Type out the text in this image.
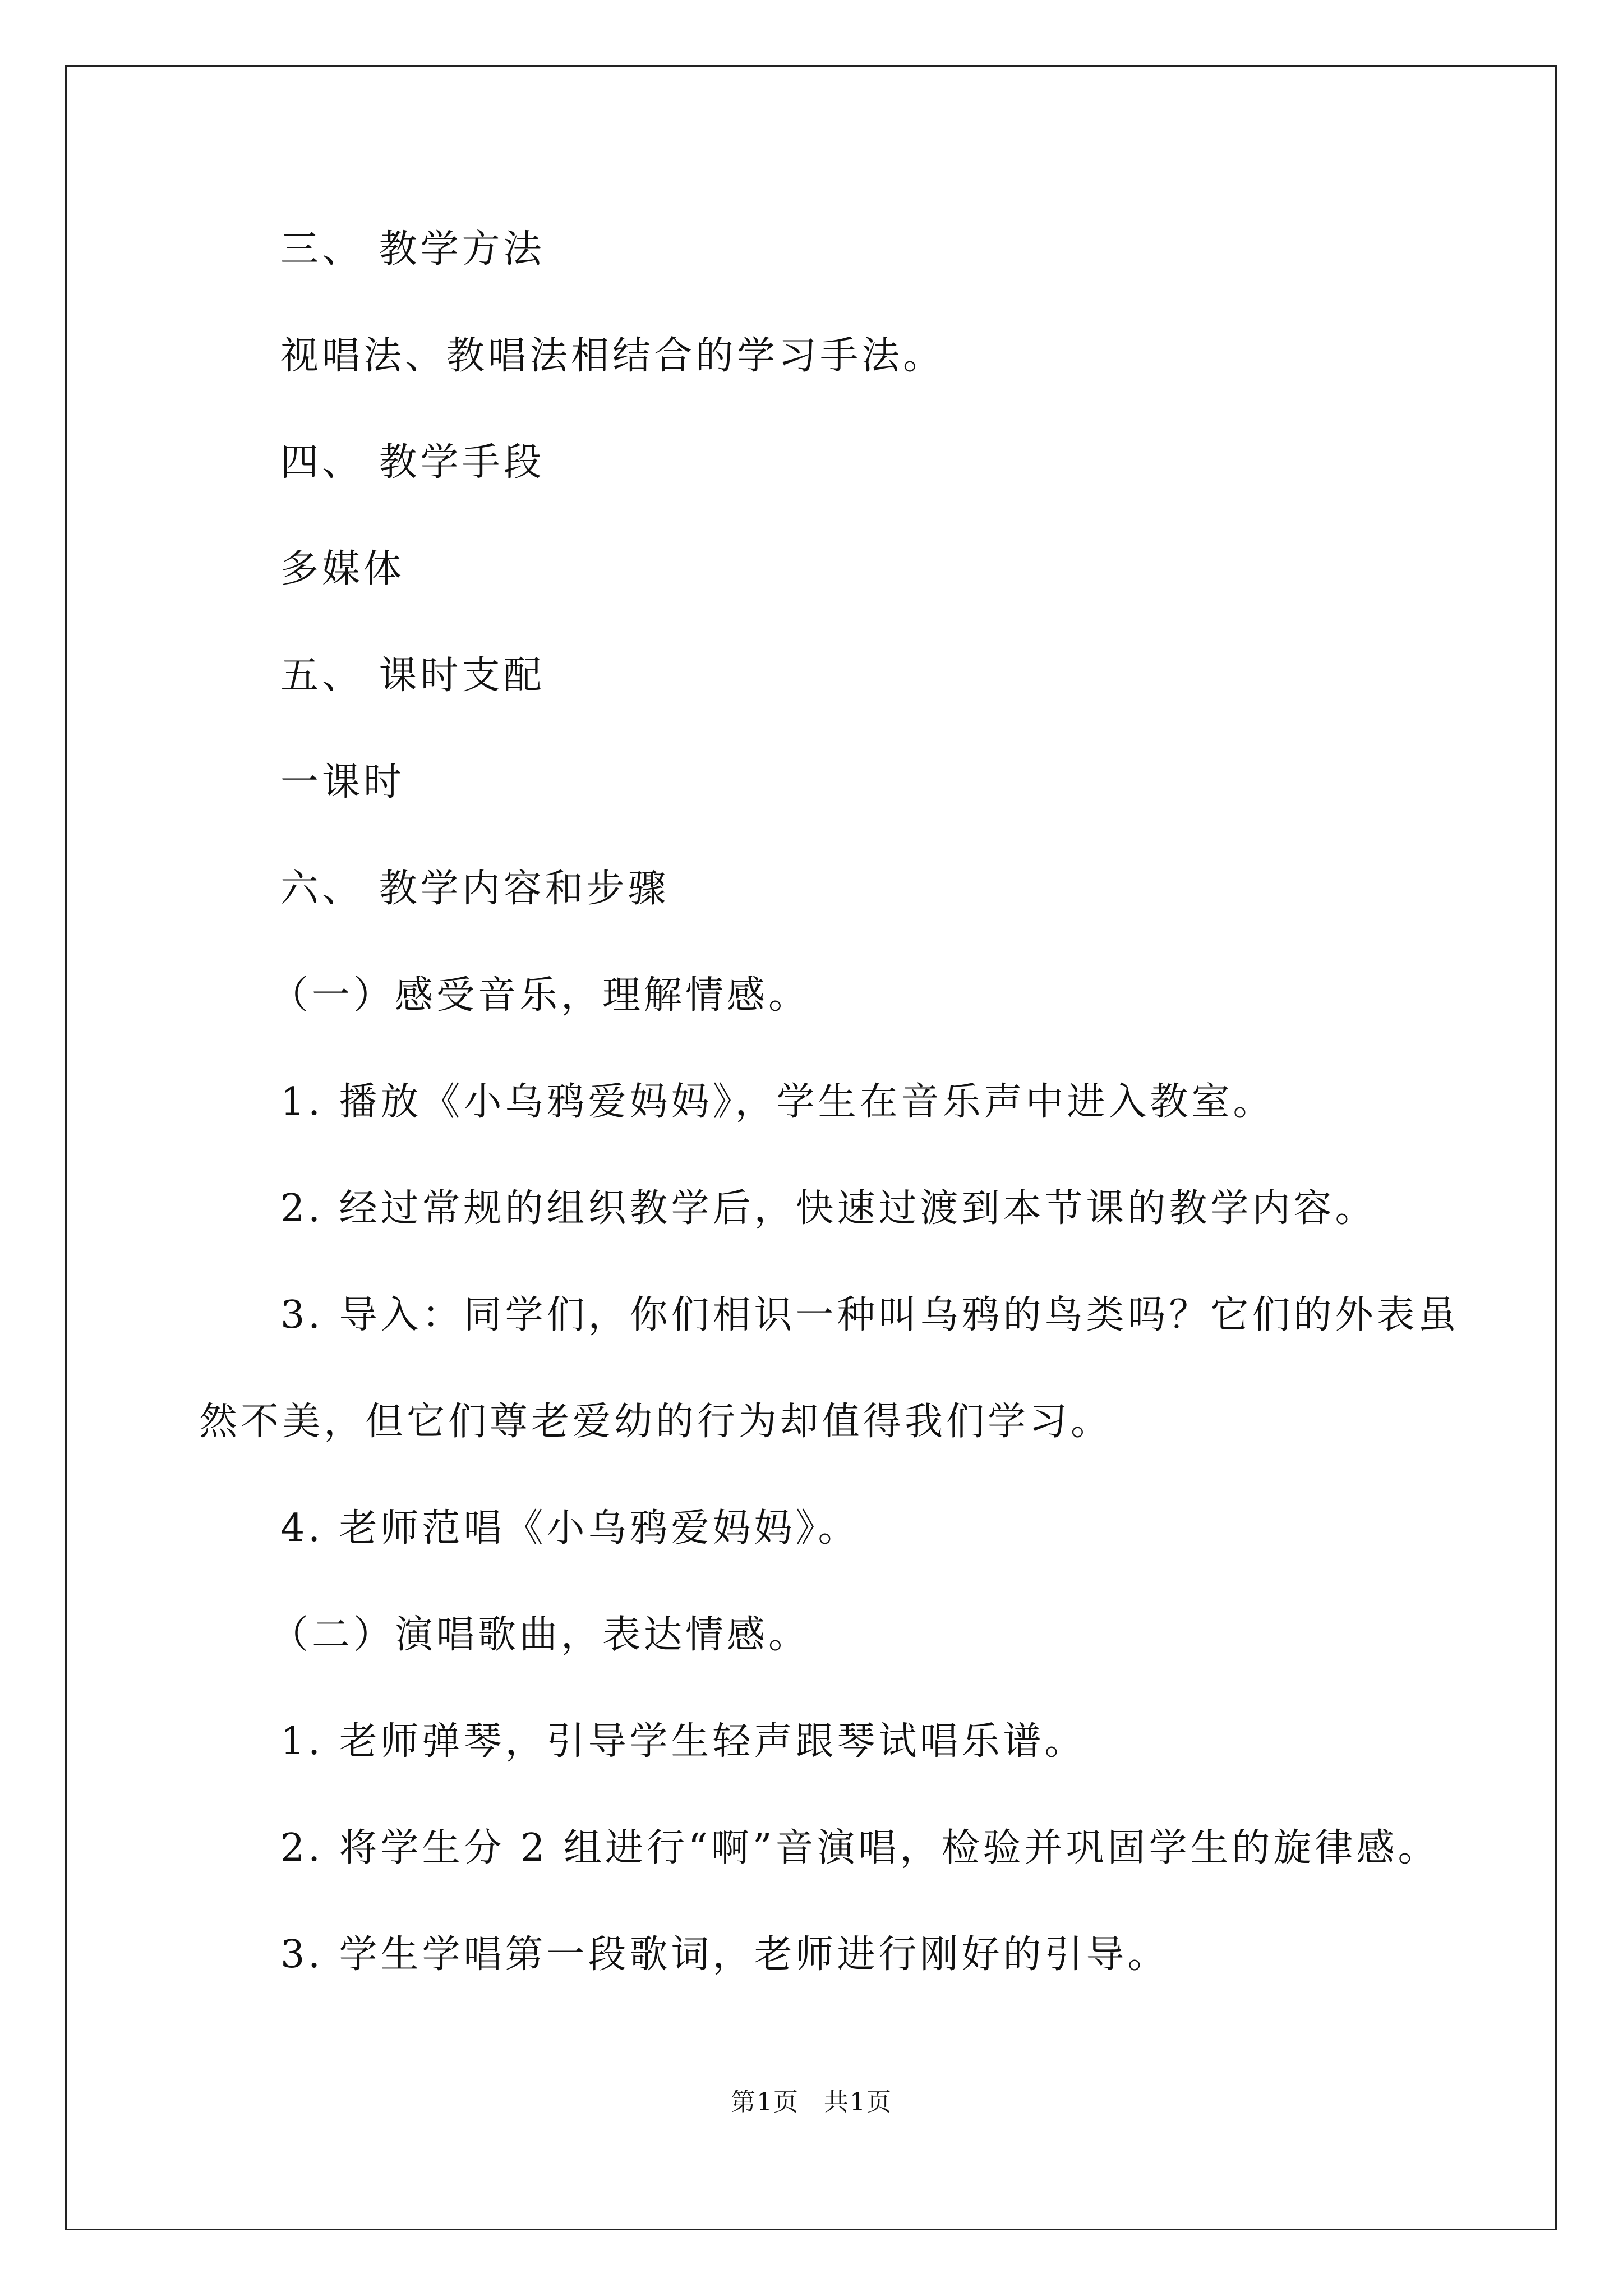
三、 教学方法
视唱法、教唱法相结合的学习手法。
四、 教学手段
多媒体
五、 课时支配
一课时
六、 教学内容和步骤
（一）感受音乐，理解情感。
1. 播放《小乌鸦爱妈妈》，学生在音乐声中进入教室。
2. 经过常规的组织教学后，快速过渡到本节课的教学内容。
3. 导入：同学们，你们相识一种叫乌鸦的鸟类吗？它们的外表虽
然不美，但它们尊老爱幼的行为却值得我们学习。
4. 老师范唱《小乌鸦爱妈妈》。
（二）演唱歌曲，表达情感。
1. 老师弹琴，引导学生轻声跟琴试唱乐谱。
2. 将学生分 2 组进行“啊”音演唱，检验并巩固学生的旋律感。
3. 学生学唱第一段歌词，老师进行刚好的引导。
第1页 共1页
